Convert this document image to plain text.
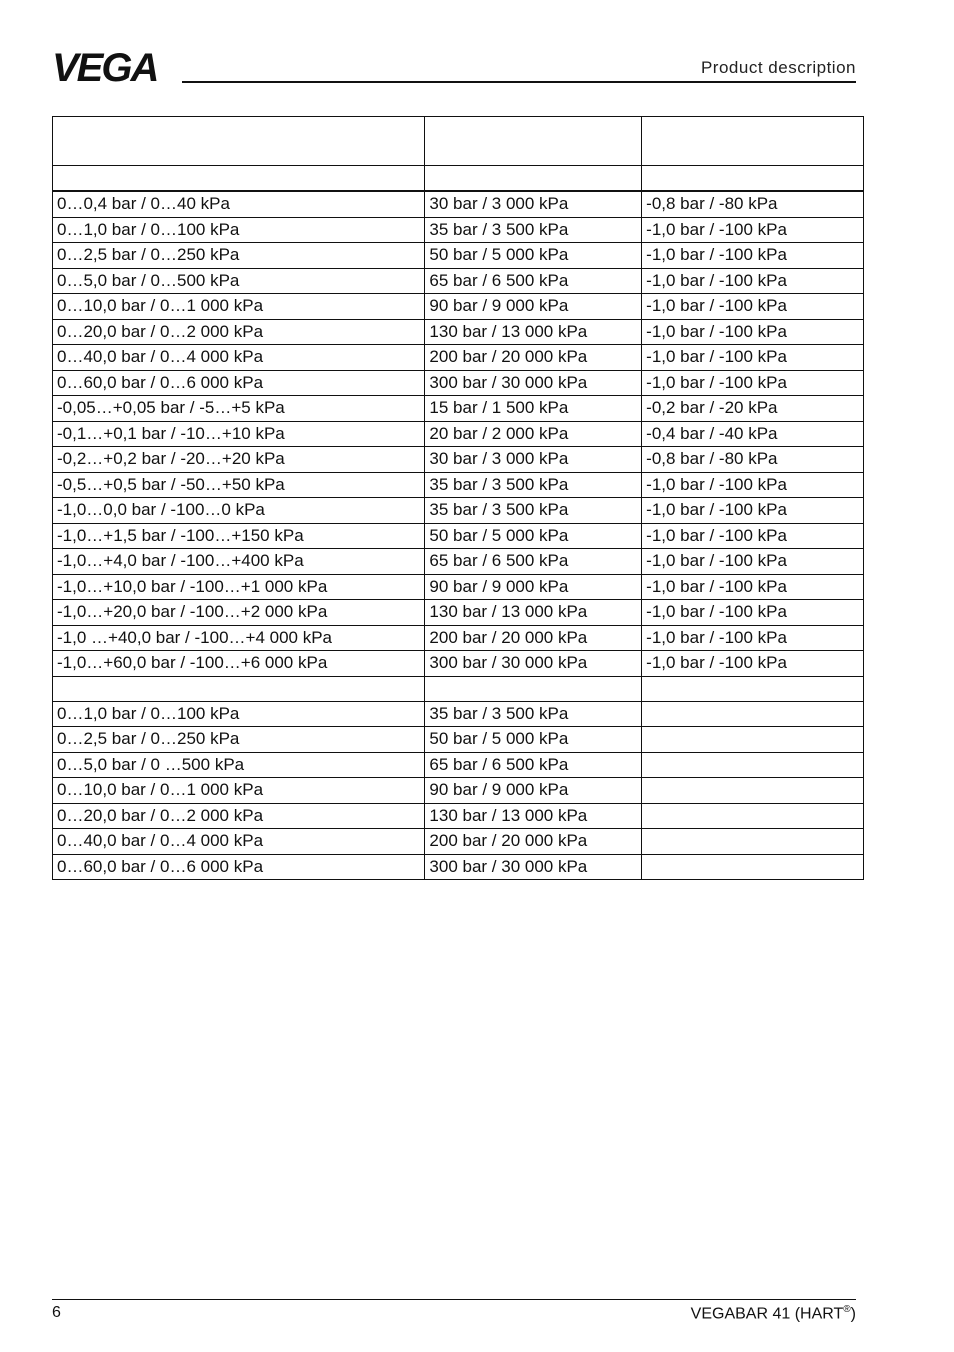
VEGA	Product description

0…0,4 bar / 0…40 kPa	30 bar / 3 000 kPa	-0,8 bar / -80 kPa
0…1,0 bar / 0…100 kPa	35 bar / 3 500 kPa	-1,0 bar / -100 kPa
0…2,5 bar / 0…250 kPa	50 bar / 5 000 kPa	-1,0 bar / -100 kPa
0…5,0 bar / 0…500 kPa	65 bar / 6 500 kPa	-1,0 bar / -100 kPa
0…10,0 bar / 0…1 000 kPa	90 bar / 9 000 kPa	-1,0 bar / -100 kPa
0…20,0 bar / 0…2 000 kPa	130 bar / 13 000 kPa	-1,0 bar / -100 kPa
0…40,0 bar / 0…4 000 kPa	200 bar / 20 000 kPa	-1,0 bar / -100 kPa
0…60,0 bar / 0…6 000 kPa	300 bar / 30 000 kPa	-1,0 bar / -100 kPa
-0,05…+0,05 bar / -5…+5 kPa	15 bar / 1 500 kPa	-0,2 bar / -20 kPa
-0,1…+0,1 bar / -10…+10 kPa	20 bar / 2 000 kPa	-0,4 bar / -40 kPa
-0,2…+0,2 bar / -20…+20 kPa	30 bar / 3 000 kPa	-0,8 bar / -80 kPa
-0,5…+0,5 bar / -50…+50 kPa	35 bar / 3 500 kPa	-1,0 bar / -100 kPa
-1,0…0,0 bar / -100…0 kPa	35 bar / 3 500 kPa	-1,0 bar / -100 kPa
-1,0…+1,5 bar / -100…+150 kPa	50 bar / 5 000 kPa	-1,0 bar / -100 kPa
-1,0…+4,0 bar / -100…+400 kPa	65 bar / 6 500 kPa	-1,0 bar / -100 kPa
-1,0…+10,0 bar / -100…+1 000 kPa	90 bar / 9 000 kPa	-1,0 bar / -100 kPa
-1,0…+20,0 bar / -100…+2 000 kPa	130 bar / 13 000 kPa	-1,0 bar / -100 kPa
-1,0 …+40,0 bar / -100…+4 000 kPa	200 bar / 20 000 kPa	-1,0 bar / -100 kPa
-1,0…+60,0 bar / -100…+6 000 kPa	300 bar / 30 000 kPa	-1,0 bar / -100 kPa

0…1,0 bar / 0…100 kPa	35 bar / 3 500 kPa	
0…2,5 bar / 0…250 kPa	50 bar / 5 000 kPa	
0…5,0 bar / 0 …500 kPa	65 bar / 6 500 kPa	
0…10,0 bar / 0…1 000 kPa	90 bar / 9 000 kPa	
0…20,0 bar / 0…2 000 kPa	130 bar / 13 000 kPa	
0…40,0 bar / 0…4 000 kPa	200 bar / 20 000 kPa	
0…60,0 bar / 0…6 000 kPa	300 bar / 30 000 kPa	
6	VEGABAR 41 (HART®)
